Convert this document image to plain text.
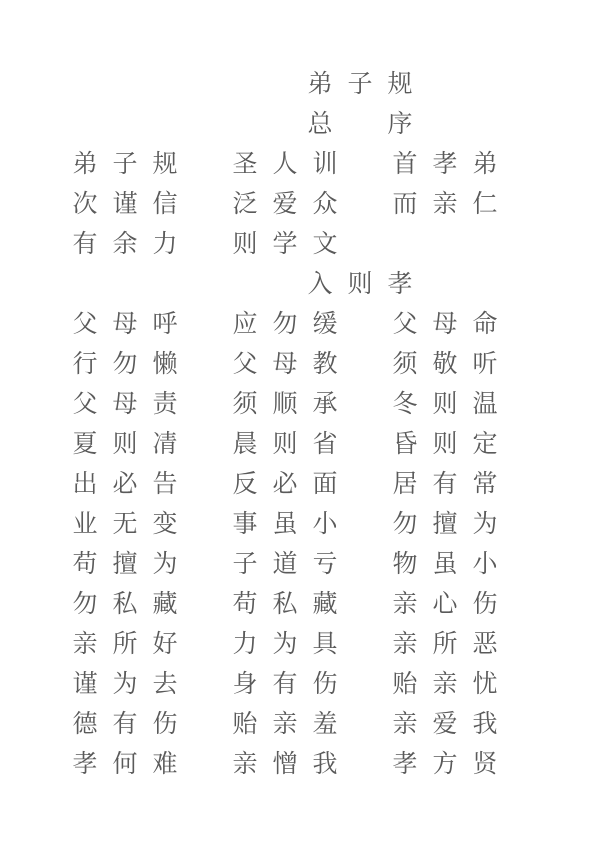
弟 子 规
总	序
入 则 孝
弟 子 规	圣 人 训	首 孝 弟
次 谨 信	泛 爱 众	而 亲 仁
有 余 力	则 学 文
父 母 呼	应 勿 缓	父 母 命
行 勿 懒	父 母 教	须 敬 听
父 母 责	须 顺 承	冬 则 温
夏 则 凊	晨 则 省	昏 则 定
出 必 告	反 必 面	居 有 常
业 无 变	事 虽 小	勿 擅 为
苟 擅 为	子 道 亏	物 虽 小
勿 私 藏	苟 私 藏	亲 心 伤
亲 所 好	力 为 具	亲 所 恶
谨 为 去	身 有 伤	贻 亲 忧
德 有 伤	贻 亲 羞	亲 爱 我
孝 何 难	亲 憎 我	孝 方 贤
